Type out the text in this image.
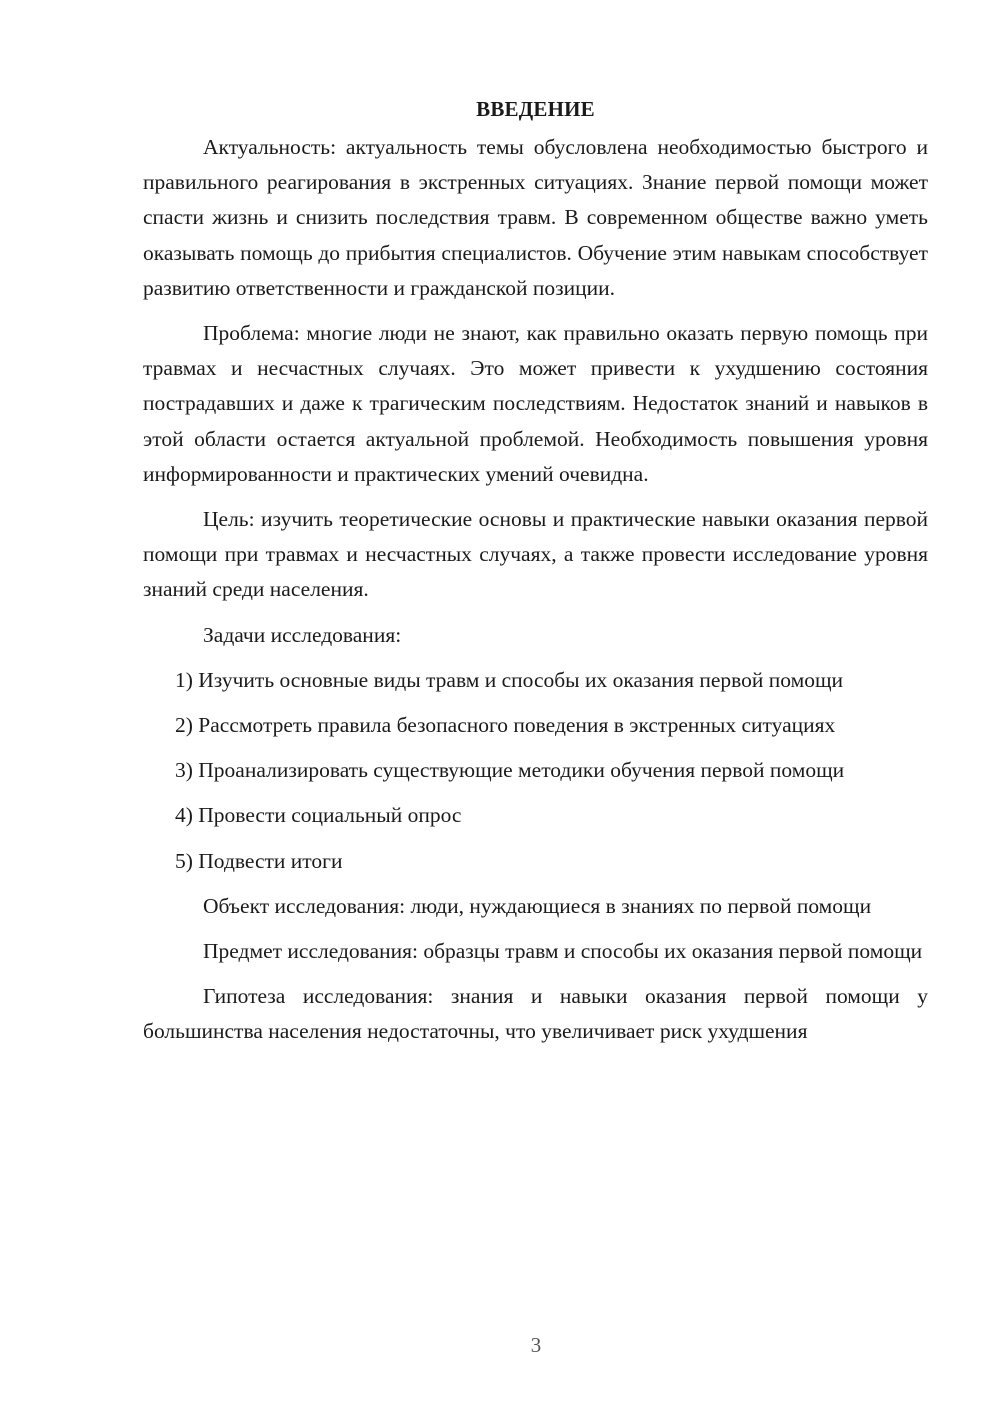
ВВЕДЕНИЕ

Актуальность: актуальность темы обусловлена необходимостью быстрого и правильного реагирования в экстренных ситуациях. Знание первой помощи может спасти жизнь и снизить последствия травм. В современном обществе важно уметь оказывать помощь до прибытия специалистов. Обучение этим навыкам способствует развитию ответственности и гражданской позиции.

Проблема: многие люди не знают, как правильно оказать первую помощь при травмах и несчастных случаях. Это может привести к ухудшению состояния пострадавших и даже к трагическим последствиям. Недостаток знаний и навыков в этой области остается актуальной проблемой. Необходимость повышения уровня информированности и практических умений очевидна.

Цель: изучить теоретические основы и практические навыки оказания первой помощи при травмах и несчастных случаях, а также провести исследование уровня знаний среди населения.

Задачи исследования:

1) Изучить основные виды травм и способы их оказания первой помощи

2) Рассмотреть правила безопасного поведения в экстренных ситуациях

3) Проанализировать существующие методики обучения первой помощи

4) Провести социальный опрос

5) Подвести итоги

Объект исследования: люди, нуждающиеся в знаниях по первой помощи

Предмет исследования: образцы травм и способы их оказания первой помощи

Гипотеза исследования: знания и навыки оказания первой помощи у большинства населения недостаточны, что увеличивает риск ухудшения

3
